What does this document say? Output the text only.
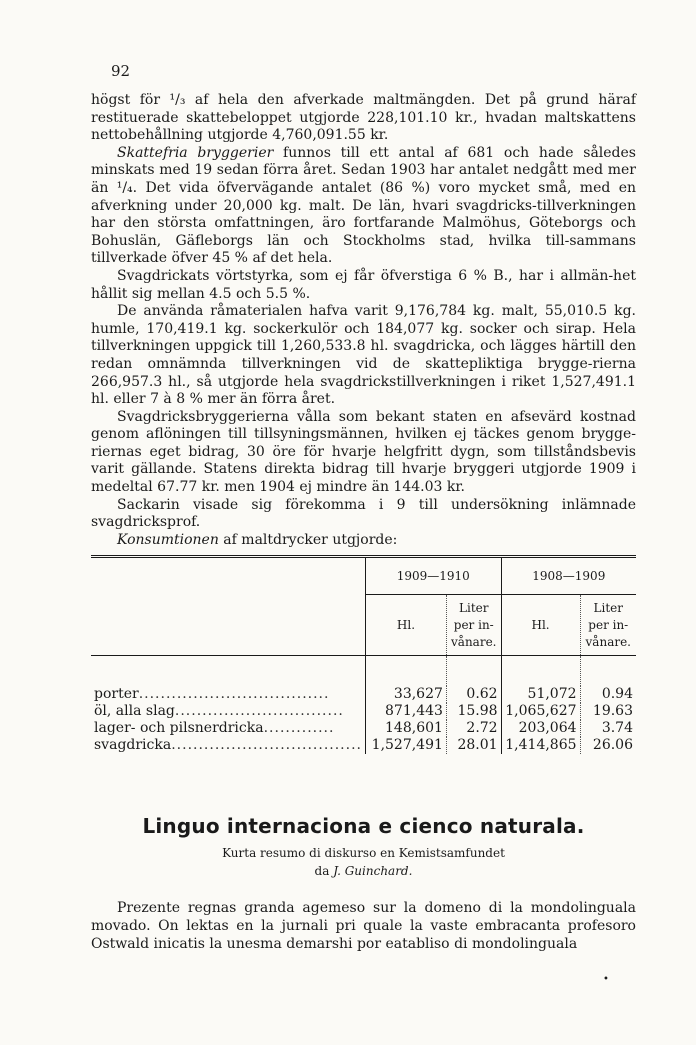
92

högst för ¹/₃ af hela den afverkade maltmängden. Det på grund häraf restituerade skattebeloppet utgjorde 228,101.10 kr., hvadan maltskattens nettobehållning utgjorde 4,760,091.55 kr.

Skattefria bryggerier funnos till ett antal af 681 och hade således minskats med 19 sedan förra året. Sedan 1903 har antalet nedgått med mer än ¹/₄. Det vida öfvervägande antalet (86 %) voro mycket små, med en afverkning under 20,000 kg. malt. De län, hvari svagdricks-tillverkningen har den största omfattningen, äro fortfarande Malmöhus, Göteborgs och Bohuslän, Gäfleborgs län och Stockholms stad, hvilka till-sammans tillverkade öfver 45 % af det hela.

Svagdrickats vörtstyrka, som ej får öfverstiga 6 % B., har i allmän-het hållit sig mellan 4.5 och 5.5 %.

De använda råmaterialen hafva varit 9,176,784 kg. malt, 55,010.5 kg. humle, 170,419.1 kg. sockerkulör och 184,077 kg. socker och sirap. Hela tillverkningen uppgick till 1,260,533.8 hl. svagdricka, och lägges härtill den redan omnämnda tillverkningen vid de skattepliktiga brygge-rierna 266,957.3 hl., så utgjorde hela svagdrickstillverkningen i riket 1,527,491.1 hl. eller 7 à 8 % mer än förra året.

Svagdricksbryggerierna vålla som bekant staten en afsevärd kostnad genom aflöningen till tillsyningsmännen, hvilken ej täckes genom brygge-riernas eget bidrag, 30 öre för hvarje helgfritt dygn, som tillståndsbevis varit gällande. Statens direkta bidrag till hvarje bryggeri utgjorde 1909 i medeltal 67.77 kr. men 1904 ej mindre än 144.03 kr.

Sackarin visade sig förekomma i 9 till undersökning inlämnade svagdricksprof.

Konsumtionen af maltdrycker utgjorde:

	1909—1910		1908—1909	
	Hl.	Liter per in-vånare.	Hl.	Liter per in-vånare.

porter...................................	33,627	0.62	51,072	0.94
öl, alla slag...............................	871,443	15.98	1,065,627	19.63
lager- och pilsnerdricka.............	148,601	2.72	203,064	3.74
svagdricka...................................	1,527,491	28.01	1,414,865	26.06
Linguo internaciona e cienco naturala.
Kurta resumo di diskurso en Kemistsamfundet
da J. Guinchard.

Prezente regnas granda agemeso sur la domeno di la mondolinguala movado. On lektas en la jurnali pri quale la vaste embracanta profesoro Ostwald inicatis la unesma demarshi por eatabliso di mondolinguala

•
